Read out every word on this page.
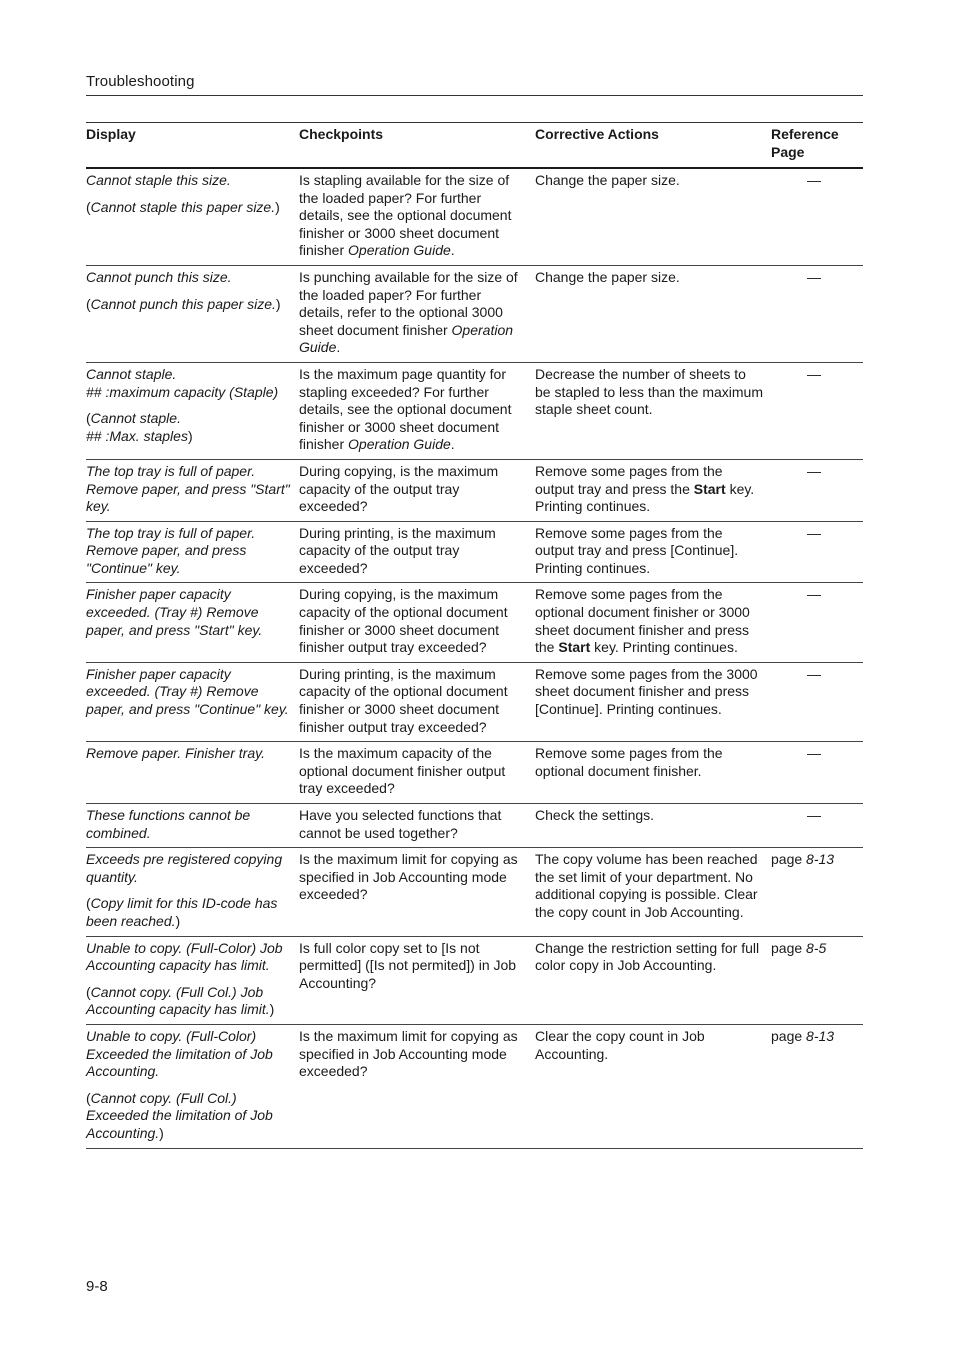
Troubleshooting
Display	Checkpoints	Corrective Actions	Reference Page

Cannot staple this size.
(Cannot staple this paper size.)	Is stapling available for the size of the loaded paper? For further details, see the optional document finisher or 3000 sheet document finisher Operation Guide.	Change the paper size.	—

Cannot punch this size.
(Cannot punch this paper size.)	Is punching available for the size of the loaded paper? For further details, refer to the optional 3000 sheet document finisher Operation Guide.	Change the paper size.	—

Cannot staple.
## :maximum capacity (Staple)
(Cannot staple.
## :Max. staples)	Is the maximum page quantity for stapling exceeded? For further details, see the optional document finisher or 3000 sheet document finisher Operation Guide.	Decrease the number of sheets to be stapled to less than the maximum staple sheet count.	—
The top tray is full of paper. Remove paper, and press "Start" key.	During copying, is the maximum capacity of the output tray exceeded?	Remove some pages from the output tray and press the Start key. Printing continues.	—
The top tray is full of paper. Remove paper, and press "Continue" key.	During printing, is the maximum capacity of the output tray exceeded?	Remove some pages from the output tray and press [Continue]. Printing continues.	—
Finisher paper capacity exceeded. (Tray #) Remove paper, and press "Start" key.	During copying, is the maximum capacity of the optional document finisher or 3000 sheet document finisher output tray exceeded?	Remove some pages from the optional document finisher or 3000 sheet document finisher and press the Start key. Printing continues.	—
Finisher paper capacity exceeded. (Tray #) Remove paper, and press "Continue" key.	During printing, is the maximum capacity of the optional document finisher or 3000 sheet document finisher output tray exceeded?	Remove some pages from the 3000 sheet document finisher and press [Continue]. Printing continues.	—
Remove paper. Finisher tray.	Is the maximum capacity of the optional document finisher output tray exceeded?	Remove some pages from the optional document finisher.	—
These functions cannot be combined.	Have you selected functions that cannot be used together?	Check the settings.	—

Exceeds pre registered copying quantity.
(Copy limit for this ID-code has been reached.)	Is the maximum limit for copying as specified in Job Accounting mode exceeded?	The copy volume has been reached the set limit of your department. No additional copying is possible. Clear the copy count in Job Accounting.	page 8-13

Unable to copy. (Full-Color) Job Accounting capacity has limit.
(Cannot copy. (Full Col.) Job Accounting capacity has limit.)	Is full color copy set to [Is not permitted] ([Is not permited]) in Job Accounting?	Change the restriction setting for full color copy in Job Accounting.	page 8-5

Unable to copy. (Full-Color) Exceeded the limitation of Job Accounting.
(Cannot copy. (Full Col.) Exceeded the limitation of Job Accounting.)	Is the maximum limit for copying as specified in Job Accounting mode exceeded?	Clear the copy count in Job Accounting.	page 8-13
9-8
